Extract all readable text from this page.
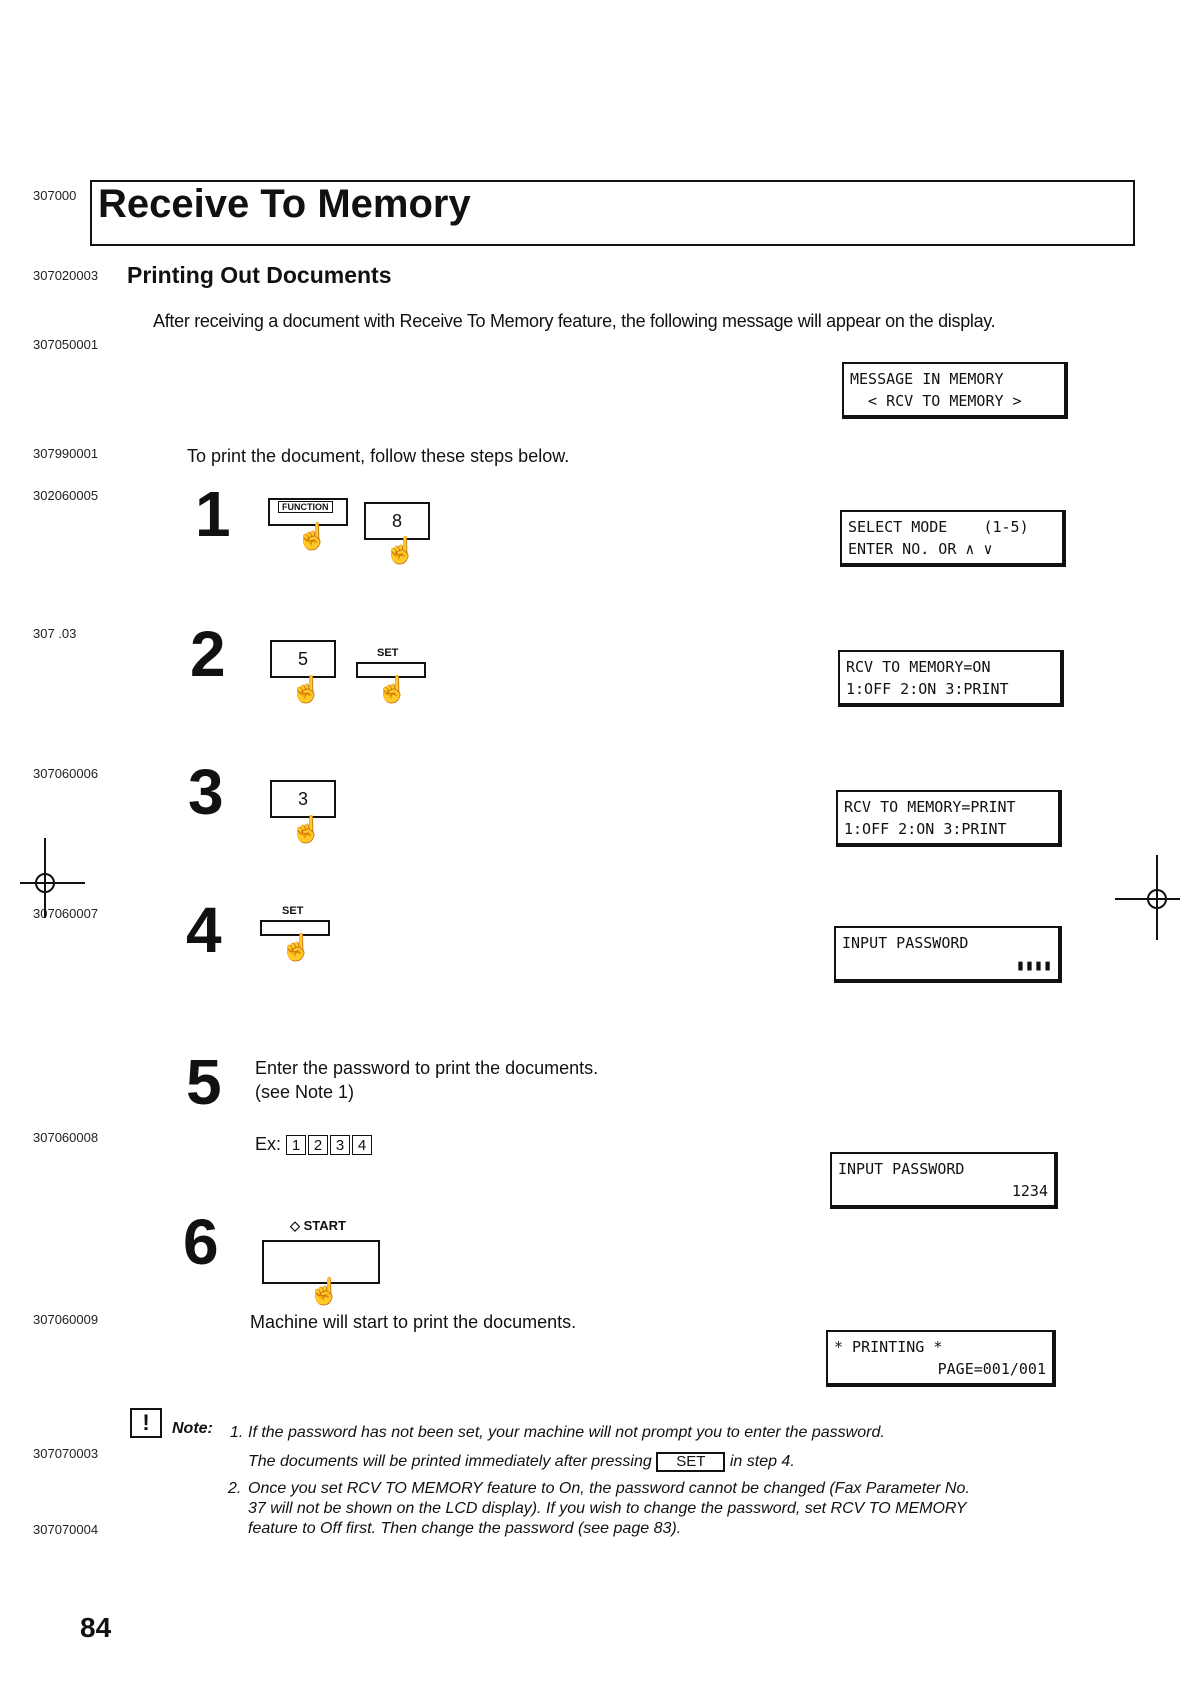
307000 Receive To Memory
307020003 Printing Out Documents
307050001
After receiving a document with Receive To Memory feature, the following message will appear on the display.
MESSAGE IN MEMORY
< RCV TO MEMORY >
307990001	To print the document, follow these steps below.
302060005 1	FUNCTION
☝	8
☝
SELECT MODE    (1-5)
ENTER NO. OR ∧ ∨
307 .03 2	5
☝
SET
☝
RCV TO MEMORY=ON
1:OFF 2:ON 3:PRINT
307060006 3	3
☝
RCV TO MEMORY=PRINT
1:OFF 2:ON 3:PRINT
307060007 4	SET
☝	INPUT PASSWORD
▮▮▮▮
5 Enter the password to print the documents.
(see Note 1)
307060008	Ex: 1 2 3 4
INPUT PASSWORD
1234
6	◇ START
☝
307060009	Machine will start to print the documents.
* PRINTING *
PAGE=001/001
!	Note: 1. If the password has not been set, your machine will not prompt you to enter the password.
307070003	The documents will be printed immediately after pressing SET in step 4.
2. Once you set RCV TO MEMORY feature to On, the password cannot be changed (Fax Parameter No.
37 will not be shown on the LCD display). If you wish to change the password, set RCV TO MEMORY
307070004	feature to Off first. Then change the password (see page 83).
84
